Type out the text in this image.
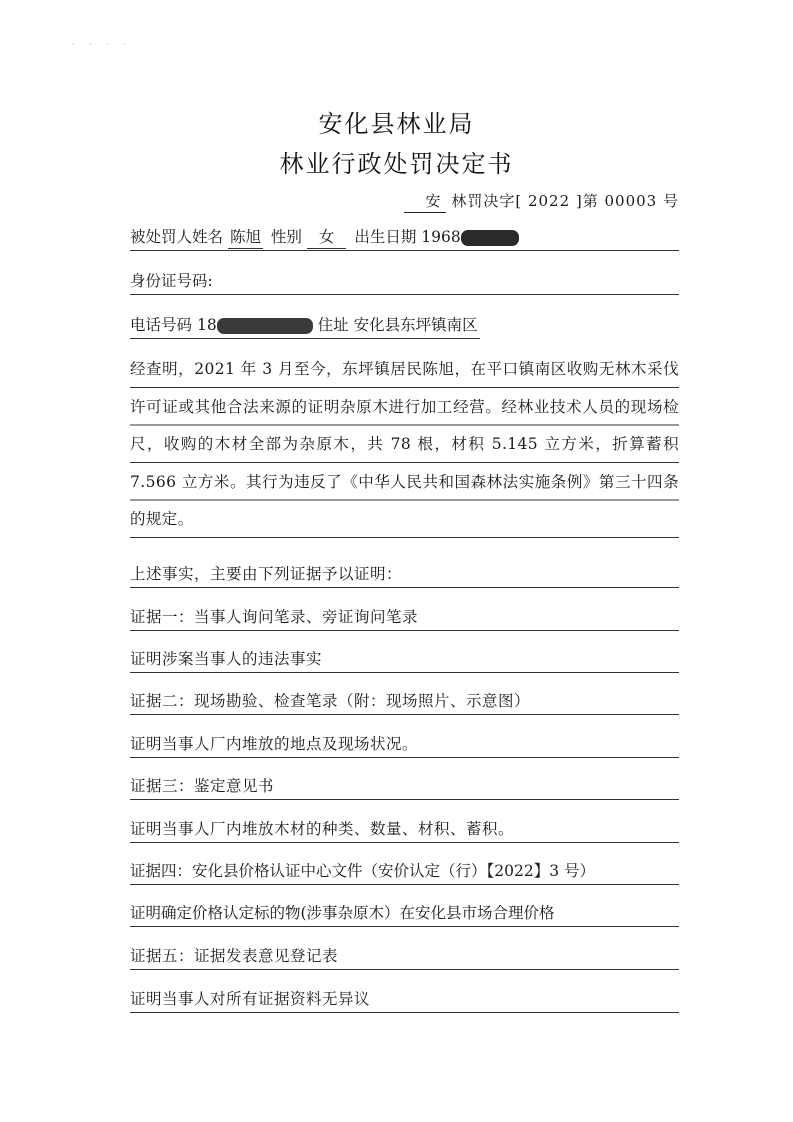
· · · ·
安化县林业局
林业行政处罚决定书
安 林罚决字[ 2022 ]第 00003 号
被处罚人姓名 陈旭 性别 女 出生日期 1968
身份证号码:
电话号码 18	住址 安化县东坪镇南区
经查明，2021 年 3 月至今，东坪镇居民陈旭，在平口镇南区收购无林木采伐许可证或其他合法来源的证明杂原木进行加工经营。经林业技术人员的现场检尺，收购的木材全部为杂原木，共 78 根，材积 5.145 立方米，折算蓄积 7.566 立方米。其行为违反了《中华人民共和国森林法实施条例》第三十四条的规定。
上述事实，主要由下列证据予以证明：
证据一：当事人询问笔录、旁证询问笔录
证明涉案当事人的违法事实
证据二：现场勘验、检查笔录（附：现场照片、示意图）
证明当事人厂内堆放的地点及现场状况。
证据三：鉴定意见书
证明当事人厂内堆放木材的种类、数量、材积、蓄积。
证据四：安化县价格认证中心文件（安价认定（行）【2022】3 号）
证明确定价格认定标的物(涉事杂原木）在安化县市场合理价格
证据五：证据发表意见登记表
证明当事人对所有证据资料无异议
